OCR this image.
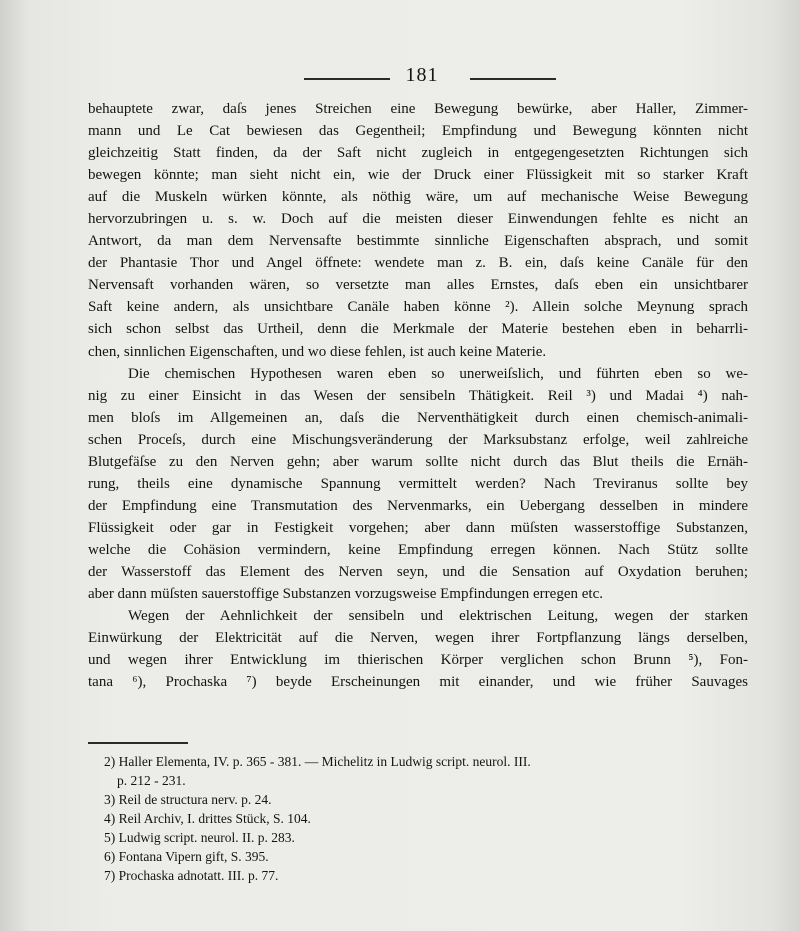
181
behauptete zwar, daſs jenes Streichen eine Bewegung bewürke, aber Haller, Zimmer-
mann und Le Cat bewiesen das Gegentheil; Empfindung und Bewegung könnten nicht
gleichzeitig Statt finden, da der Saft nicht zugleich in entgegengesetzten Richtungen sich
bewegen könnte; man sieht nicht ein, wie der Druck einer Flüssigkeit mit so starker Kraft
auf die Muskeln würken könnte, als nöthig wäre, um auf mechanische Weise Bewegung
hervorzubringen u. s. w. Doch auf die meisten dieser Einwendungen fehlte es nicht an
Antwort, da man dem Nervensafte bestimmte sinnliche Eigenschaften absprach, und somit
der Phantasie Thor und Angel öffnete: wendete man z. B. ein, daſs keine Canäle für den
Nervensaft vorhanden wären, so versetzte man alles Ernstes, daſs eben ein unsichtbarer
Saft keine andern, als unsichtbare Canäle haben könne ²). Allein solche Meynung sprach
sich schon selbst das Urtheil, denn die Merkmale der Materie bestehen eben in beharrli-
chen, sinnlichen Eigenschaften, und wo diese fehlen, ist auch keine Materie.
Die chemischen Hypothesen waren eben so unerweiſslich, und führten eben so we-
nig zu einer Einsicht in das Wesen der sensibeln Thätigkeit. Reil ³) und Madai ⁴) nah-
men bloſs im Allgemeinen an, daſs die Nerventhätigkeit durch einen chemisch-animali-
schen Proceſs, durch eine Mischungsveränderung der Marksubstanz erfolge, weil zahlreiche
Blutgefäſse zu den Nerven gehn; aber warum sollte nicht durch das Blut theils die Ernäh-
rung, theils eine dynamische Spannung vermittelt werden? Nach Treviranus sollte bey
der Empfindung eine Transmutation des Nervenmarks, ein Uebergang desselben in mindere
Flüssigkeit oder gar in Festigkeit vorgehen; aber dann müſsten wasserstoffige Substanzen,
welche die Cohäsion vermindern, keine Empfindung erregen können. Nach Stütz sollte
der Wasserstoff das Element des Nerven seyn, und die Sensation auf Oxydation beruhen;
aber dann müſsten sauerstoffige Substanzen vorzugsweise Empfindungen erregen etc.
Wegen der Aehnlichkeit der sensibeln und elektrischen Leitung, wegen der starken
Einwürkung der Elektricität auf die Nerven, wegen ihrer Fortpflanzung längs derselben,
und wegen ihrer Entwicklung im thierischen Körper verglichen schon Brunn ⁵), Fon-
tana ⁶), Prochaska ⁷) beyde Erscheinungen mit einander, und wie früher Sauvages
2) Haller Elementa, IV. p. 365 - 381. — Michelitz in Ludwig script. neurol. III.
p. 212 - 231.
3) Reil de structura nerv. p. 24.
4) Reil Archiv, I. drittes Stück, S. 104.
5) Ludwig script. neurol. II. p. 283.
6) Fontana Vipern gift, S. 395.
7) Prochaska adnotatt. III. p. 77.
